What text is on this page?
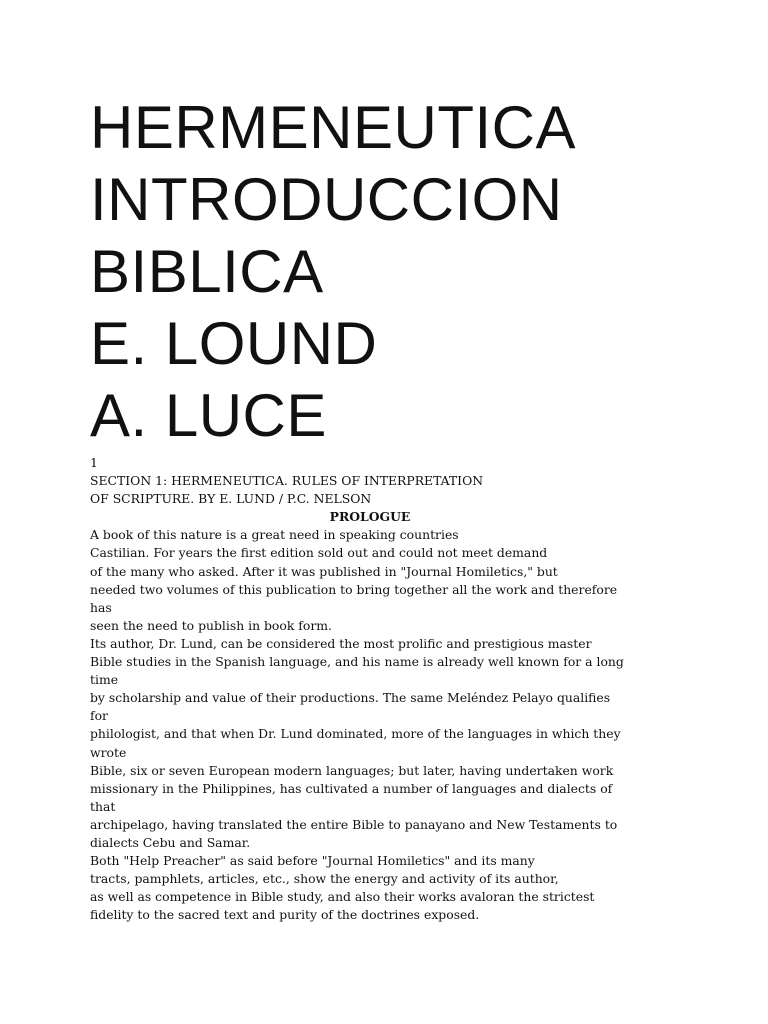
HERMENEUTICA
INTRODUCCION
BIBLICA
E. LOUND
A. LUCE
1
SECTION 1: HERMENEUTICA. RULES OF INTERPRETATION
OF SCRIPTURE. BY E. LUND / P.C. NELSON
PROLOGUE
A book of this nature is a great need in speaking countries
Castilian. For years the first edition sold out and could not meet demand
of the many who asked. After it was published in "Journal Homiletics," but
needed two volumes of this publication to bring together all the work and therefore
has
seen the need to publish in book form.
Its author, Dr. Lund, can be considered the most prolific and prestigious master
Bible studies in the Spanish language, and his name is already well known for a long
time
by scholarship and value of their productions. The same Meléndez Pelayo qualifies
for
philologist, and that when Dr. Lund dominated, more of the languages in which they
wrote
Bible, six or seven European modern languages; but later, having undertaken work
missionary in the Philippines, has cultivated a number of languages and dialects of
that
archipelago, having translated the entire Bible to panayano and New Testaments to
dialects Cebu and Samar.
Both "Help Preacher" as said before "Journal Homiletics" and its many
tracts, pamphlets, articles, etc., show the energy and activity of its author,
as well as competence in Bible study, and also their works avaloran the strictest
fidelity to the sacred text and purity of the doctrines exposed.
